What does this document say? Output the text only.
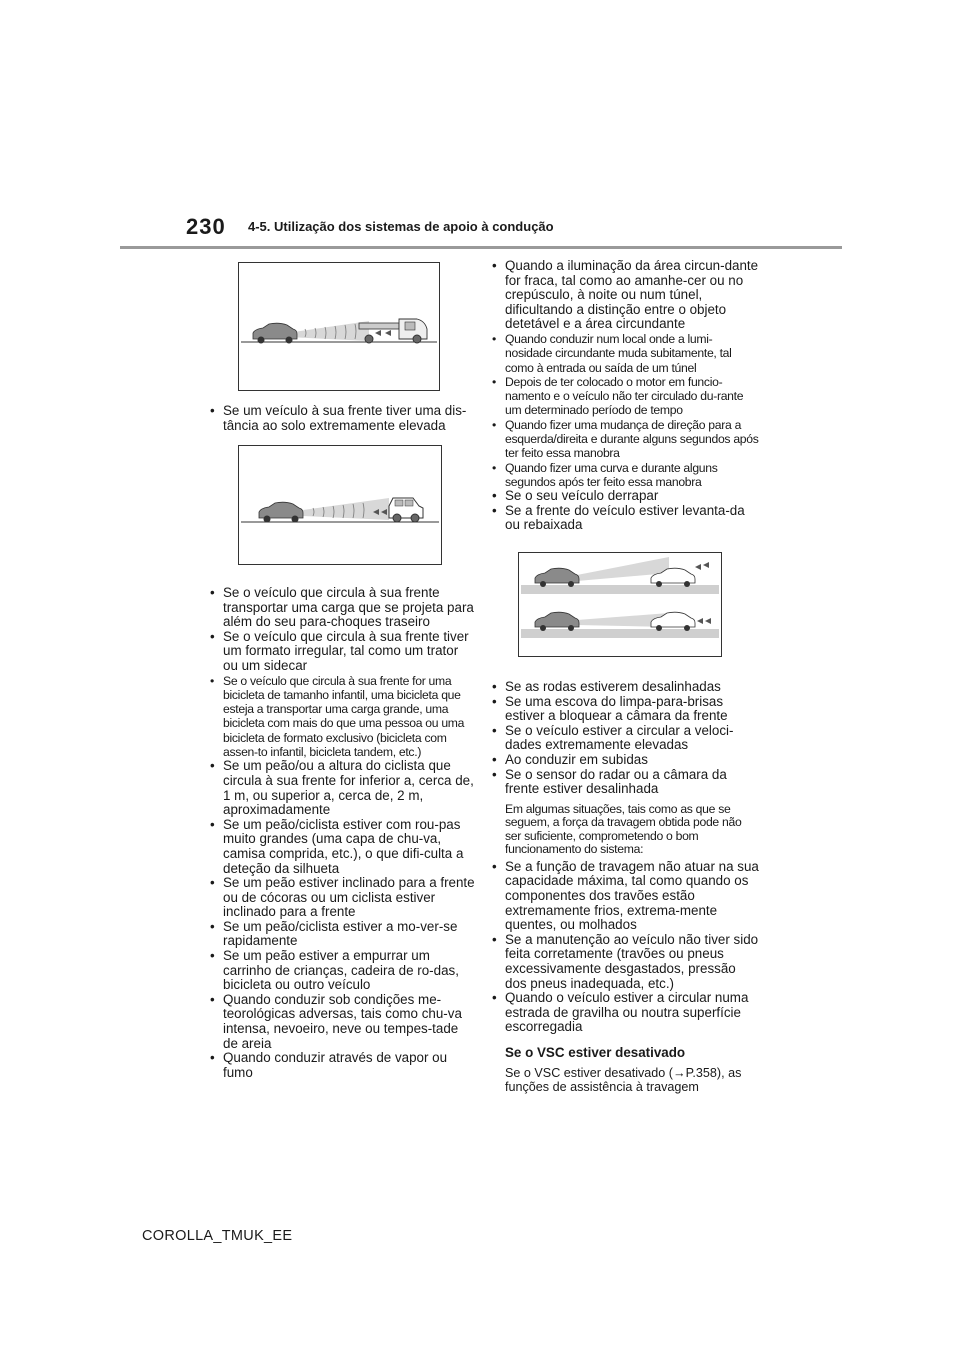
230 4-5. Utilização dos sistemas de apoio à condução
• Se um veículo à sua frente tiver uma dis-tância ao solo extremamente elevada
• Se o veículo que circula à sua frente transportar uma carga que se projeta para além do seu para-choques traseiro
• Se o veículo que circula à sua frente tiver um formato irregular, tal como um trator ou um sidecar
• Se o veículo que circula à sua frente for uma bicicleta de tamanho infantil, uma bicicleta que esteja a transportar uma carga grande, uma bicicleta com mais do que uma pessoa ou uma bicicleta de formato exclusivo (bicicleta com assen-to infantil, bicicleta tandem, etc.)
• Se um peão/ou a altura do ciclista que circula à sua frente for inferior a, cerca de, 1 m, ou superior a, cerca de, 2 m, aproximadamente
• Se um peão/ciclista estiver com rou-pas muito grandes (uma capa de chu-va, camisa comprida, etc.), o que difi-culta a deteção da silhueta
• Se um peão estiver inclinado para a frente ou de cócoras ou um ciclista estiver inclinado para a frente
• Se um peão/ciclista estiver a mo-ver-se rapidamente
• Se um peão estiver a empurrar um carrinho de crianças, cadeira de ro-das, bicicleta ou outro veículo
• Quando conduzir sob condições me-teorológicas adversas, tais como chu-va intensa, nevoeiro, neve ou tempes-tade de areia
• Quando conduzir através de vapor ou fumo
• Quando a iluminação da área circun-dante for fraca, tal como ao amanhe-cer ou no crepúsculo, à noite ou num túnel, dificultando a distinção entre o objeto detetável e a área circundante
• Quando conduzir num local onde a lumi-nosidade circundante muda subitamente, tal como à entrada ou saída de um túnel
• Depois de ter colocado o motor em funcio-namento e o veículo não ter circulado du-rante um determinado período de tempo
• Quando fizer uma mudança de direção para a esquerda/direita e durante alguns segundos após ter feito essa manobra
• Quando fizer uma curva e durante alguns segundos após ter feito essa manobra
• Se o seu veículo derrapar
• Se a frente do veículo estiver levanta-da ou rebaixada
• Se as rodas estiverem desalinhadas
• Se uma escova do limpa-para-brisas estiver a bloquear a câmara da frente
• Se o veículo estiver a circular a veloci-dades extremamente elevadas
• Ao conduzir em subidas
• Se o sensor do radar ou a câmara da frente estiver desalinhada
Em algumas situações, tais como as que se seguem, a força da travagem obtida pode não ser suficiente, comprometendo o bom funcionamento do sistema:
• Se a função de travagem não atuar na sua capacidade máxima, tal como quando os componentes dos travões estão extremamente frios, extrema-mente quentes, ou molhados
• Se a manutenção ao veículo não tiver sido feita corretamente (travões ou pneus excessivamente desgastados, pressão dos pneus inadequada, etc.)
• Quando o veículo estiver a circular numa estrada de gravilha ou noutra superfície escorregadia
Se o VSC estiver desativado
Se o VSC estiver desativado (→P.358), as funções de assistência à travagem
COROLLA_TMUK_EE
